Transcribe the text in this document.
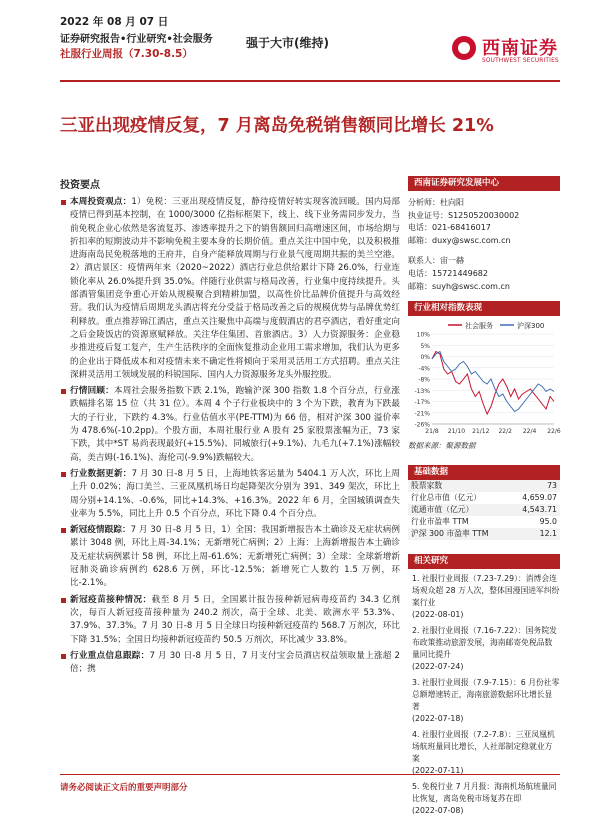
2022 年 08 月 07 日
证券研究报告•行业研究•社会服务
社服行业周报（7.30-8.5）
强于大市(维持)	西南证券
SOUTHWEST SECURITIES
三亚出现疫情反复，7 月离岛免税销售额同比增长 21%
投资要点
本周投资观点：1）免税：三亚出现疫情反复，静待疫情好转实现客流回暖。国内局部疫情已得到基本控制，在 1000/3000 亿指标框架下，线上、线下业务需同步发力，当前免税企业心依然是客流复苏、渗透率提升之下的销售额回归高增速区间，市场给期与折扣率的短期波动并不影响免税主要本身的长期价值。重点关注中国中免，以及积极推进海南岛民免税落地的王府井，自身产能释放周期与行业景气度周期共振的美兰空港。2）酒店景区：疫情两年来（2020~2022）酒店行业总供给累计下降 26.0%，行业连锁化率从 26.0%提升到 35.0%。伴随行业供需与格局改善，行业集中度持续提升。头部酒管集团竞争重心开始从规模聚合到精耕加盟，以高性价比品牌价值提升与高效经营。我们认为疫情后周期龙头酒店将充分受益于格局改善之后的规模优势与品牌优势红利释放。重点推荐锦江酒店，重点关注聚焦中高端与度假酒店的君亭酒店，看好重定向之后金陵饭店的资源禀赋释放。关注华住集团、首旅酒店。3）人力资源服务：企业稳步推进疫后复工复产，生产生活秩序的全面恢复推动企业用工需求增加，我们认为更多的企业出于降低成本和对疫情未来不确定性将倾向于采用灵活用工方式招聘。重点关注深耕灵活用工领域发展的科锐国际、国内人力资源服务龙头外服控股。
行情回顾：本周社会服务指数下跌 2.1%，跑输沪深 300 指数 1.8 个百分点，行业涨跌幅排名第 15 位（共 31 位）。本周 4 个子行业板块中的 3 个为下跌，教育为下跌最大的子行业，下跌约 4.3%。行业估值水平(PE-TTM)为 66 倍，相对沪深 300 溢价率为 478.6%(-10.2pp)。个股方面，本周社服行业 A 股有 25 家股票涨幅为正，73 家下跌，其中*ST 易尚表现最好(+15.5%)、同城旅行(+9.1%)、九毛九(+7.1%)涨幅较高，美吉姆(-16.1%)、海伦司(-9.9%)跌幅较大。
行业数据更新：7 月 30 日-8 月 5 日，上海地铁客运量为 5404.1 万人次，环比上周上升 0.02%；海口美兰、三亚凤凰机场日均起降架次分别为 391、349 架次，环比上周分别+14.1%、-0.6%，同比+14.3%、+16.3%。2022 年 6 月，全国城镇调查失业率为 5.5%，同比上升 0.5 个百分点，环比下降 0.4 个百分点。
新冠疫情跟踪：7 月 30 日-8 月 5 日，1）全国：我国新增报告本土确诊及无症状病例累计 3048 例，环比上周-34.1%；无新增死亡病例；2）上海：上海新增报告本土确诊及无症状病例累计 58 例，环比上周-61.6%；无新增死亡病例；3）全球：全球新增新冠肺炎确诊病例约 628.6 万例，环比-12.5%；新增死亡人数约 1.5 万例，环比-2.1%。
新冠疫苗接种情况：截至 8 月 5 日，全国累计报告接种新冠病毒疫苗约 34.3 亿剂次，每百人新冠疫苗接种量为 240.2 剂次，高于全球、北美、欧洲水平 53.3%、37.9%、37.3%。7 月 30 日-8 月 5 日全球日均接种新冠疫苗约 568.7 万剂次，环比下降 31.5%；全国日均接种新冠疫苗约 50.5 万剂次，环比减少 33.8%。
行业重点信息跟踪：7 月 30 日-8 月 5 日，7 月支付宝会员酒店权益领取量上涨超 2 倍；携
西南证券研究发展中心
分析师：杜向阳
执业证号：S1250520030002
电话：021-68416017
邮箱：duxy@swsc.com.cn
联系人：宙一赫
电话：15721449682
邮箱：suyh@swsc.com.cn
行业相对指数表现
社会服务	沪深300
10%
5%
0%
-4%
-8%
-13%
-17%
-21%
-26%
21/8 21/10 21/12 22/2 22/4 22/6
数据来源：聚源数据
基础数据
股票家数	73
行业总市值（亿元）	4,659.07
流通市值（亿元）	4,543.71
行业市盈率 TTM	95.0
沪深 300 市盈率 TTM	12.1
相关研究
1. 社服行业周报（7.23-7.29）：消博会连场观众超 28 万人次，整体国漫国进军纠纷案行业
(2022-08-01)
2. 社服行业周报（7.16-7.22）：国务院发布政策推动旅游发展，海南邮寄免税品数量同比提升
(2022-07-24)
3. 社服行业周报（7.9-7.15）：6 月份社零总额增速转正，海南旅游数据环比增长显著
(2022-07-18)
4. 社服行业周报（7.2-7.8）：三亚凤凰机场航班量同比增长，人社部制定稳就业方案
(2022-07-11)
5. 免税行业 7 月月报：海南机场航班量同比恢复，离岛免税市场复苏在即
(2022-07-08)
请务必阅读正文后的重要声明部分
